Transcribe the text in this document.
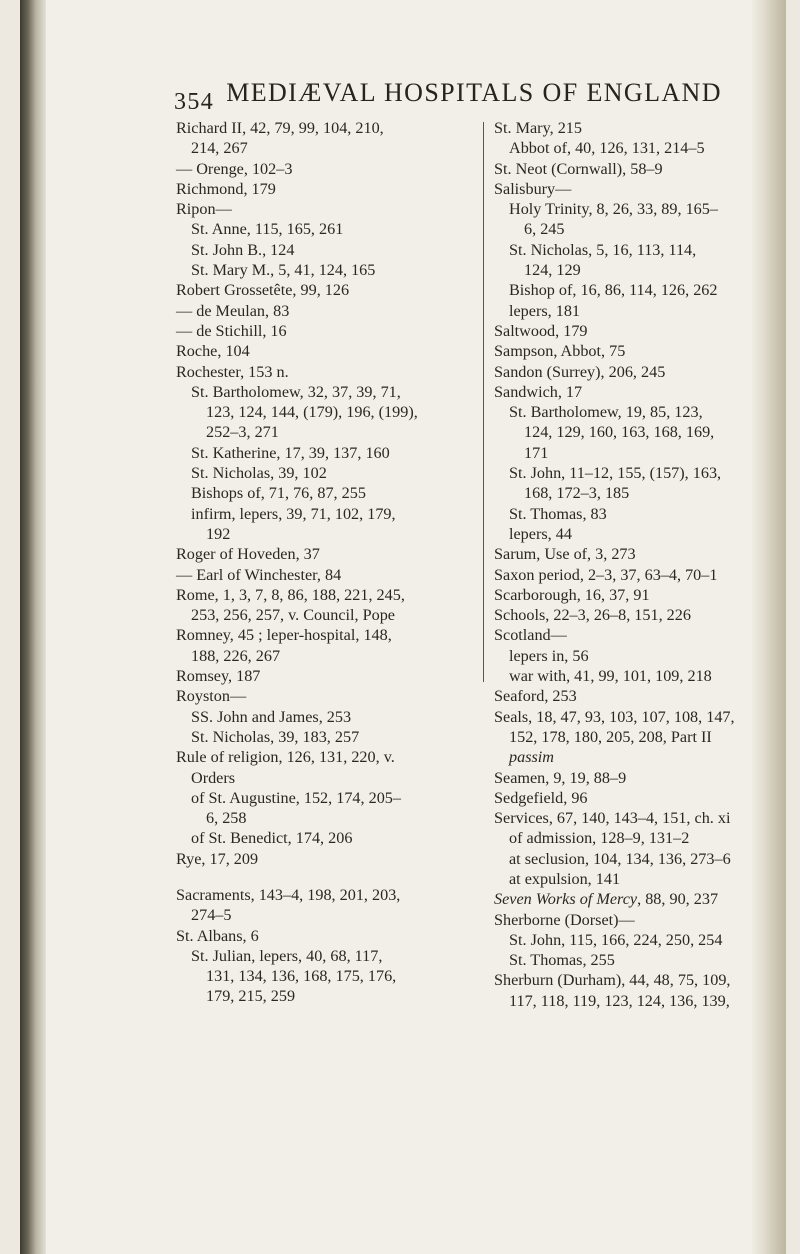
354 MEDIÆVAL HOSPITALS OF ENGLAND
Richard II, 42, 79, 99, 104, 210,
214, 267
— Orenge, 102–3
Richmond, 179
Ripon—
St. Anne, 115, 165, 261
St. John B., 124
St. Mary M., 5, 41, 124, 165
Robert Grossetête, 99, 126
— de Meulan, 83
— de Stichill, 16
Roche, 104
Rochester, 153 n.
St. Bartholomew, 32, 37, 39, 71,
123, 124, 144, (179), 196, (199),
252–3, 271
St. Katherine, 17, 39, 137, 160
St. Nicholas, 39, 102
Bishops of, 71, 76, 87, 255
infirm, lepers, 39, 71, 102, 179,
192
Roger of Hoveden, 37
— Earl of Winchester, 84
Rome, 1, 3, 7, 8, 86, 188, 221, 245,
253, 256, 257, v. Council, Pope
Romney, 45 ; leper-hospital, 148,
188, 226, 267
Romsey, 187
Royston—
SS. John and James, 253
St. Nicholas, 39, 183, 257
Rule of religion, 126, 131, 220, v.
Orders
of St. Augustine, 152, 174, 205–
6, 258
of St. Benedict, 174, 206
Rye, 17, 209
Sacraments, 143–4, 198, 201, 203,
274–5
St. Albans, 6
St. Julian, lepers, 40, 68, 117,
131, 134, 136, 168, 175, 176,
179, 215, 259
St. Mary, 215
Abbot of, 40, 126, 131, 214–5
St. Neot (Cornwall), 58–9
Salisbury—
Holy Trinity, 8, 26, 33, 89, 165–
6, 245
St. Nicholas, 5, 16, 113, 114,
124, 129
Bishop of, 16, 86, 114, 126, 262
lepers, 181
Saltwood, 179
Sampson, Abbot, 75
Sandon (Surrey), 206, 245
Sandwich, 17
St. Bartholomew, 19, 85, 123,
124, 129, 160, 163, 168, 169,
171
St. John, 11–12, 155, (157), 163,
168, 172–3, 185
St. Thomas, 83
lepers, 44
Sarum, Use of, 3, 273
Saxon period, 2–3, 37, 63–4, 70–1
Scarborough, 16, 37, 91
Schools, 22–3, 26–8, 151, 226
Scotland—
lepers in, 56
war with, 41, 99, 101, 109, 218
Seaford, 253
Seals, 18, 47, 93, 103, 107, 108, 147,
152, 178, 180, 205, 208, Part II
passim
Seamen, 9, 19, 88–9
Sedgefield, 96
Services, 67, 140, 143–4, 151, ch. xi
of admission, 128–9, 131–2
at seclusion, 104, 134, 136, 273–6
at expulsion, 141
Seven Works of Mercy, 88, 90, 237
Sherborne (Dorset)—
St. John, 115, 166, 224, 250, 254
St. Thomas, 255
Sherburn (Durham), 44, 48, 75, 109,
117, 118, 119, 123, 124, 136, 139,
